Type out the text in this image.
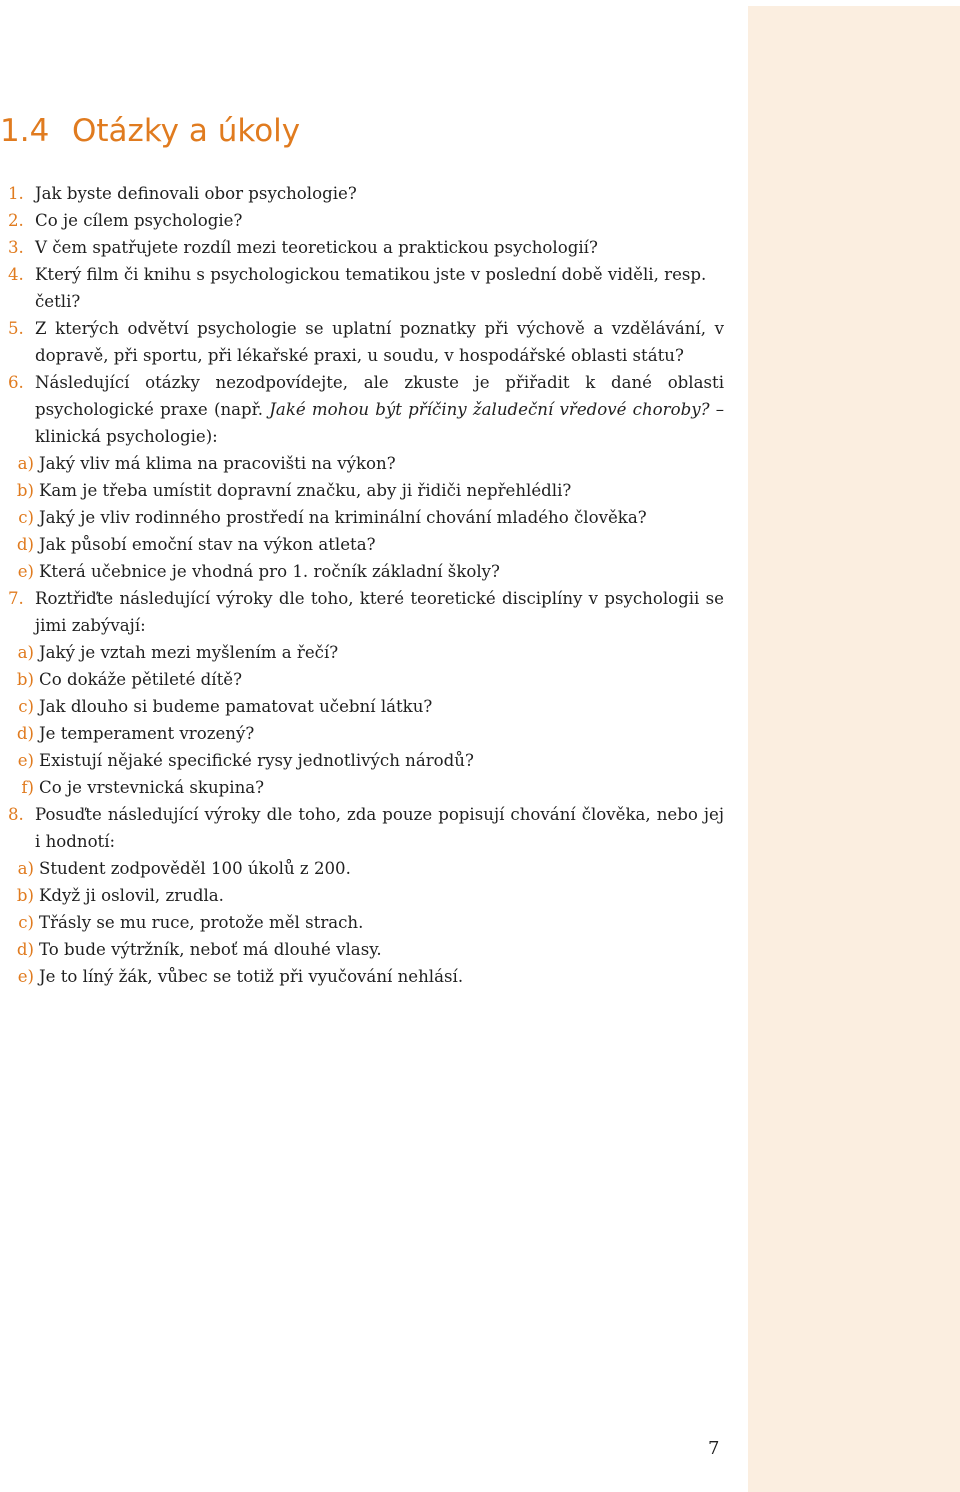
1.4 Otázky a úkoly
1. Jak byste definovali obor psychologie?
2. Co je cílem psychologie?
3. V čem spatřujete rozdíl mezi teoretickou a praktickou psychologií?
4. Který film či knihu s psychologickou tematikou jste v poslední době viděli, resp. četli?
5. Z kterých odvětví psychologie se uplatní poznatky při výchově a vzdělávání, v dopravě, při sportu, při lékařské praxi, u soudu, v hospodářské oblasti státu?
6. Následující otázky nezodpovídejte, ale zkuste je přiřadit k dané oblasti psychologické praxe (např. Jaké mohou být příčiny žaludeční vředové choroby? – klinická psychologie):
a) Jaký vliv má klima na pracovišti na výkon?
b) Kam je třeba umístit dopravní značku, aby ji řidiči nepřehlédli?
c) Jaký je vliv rodinného prostředí na kriminální chování mladého člověka?
d) Jak působí emoční stav na výkon atleta?
e) Která učebnice je vhodná pro 1. ročník základní školy?
7. Roztřiďte následující výroky dle toho, které teoretické disciplíny v psychologii se jimi zabývají:
a) Jaký je vztah mezi myšlením a řečí?
b) Co dokáže pětileté dítě?
c) Jak dlouho si budeme pamatovat učební látku?
d) Je temperament vrozený?
e) Existují nějaké specifické rysy jednotlivých národů?
f) Co je vrstevnická skupina?
8. Posuďte následující výroky dle toho, zda pouze popisují chování člověka, nebo jej i hodnotí:
a) Student zodpověděl 100 úkolů z 200.
b) Když ji oslovil, zrudla.
c) Třásly se mu ruce, protože měl strach.
d) To bude výtržník, neboť má dlouhé vlasy.
e) Je to líný žák, vůbec se totiž při vyučování nehlásí.
7
